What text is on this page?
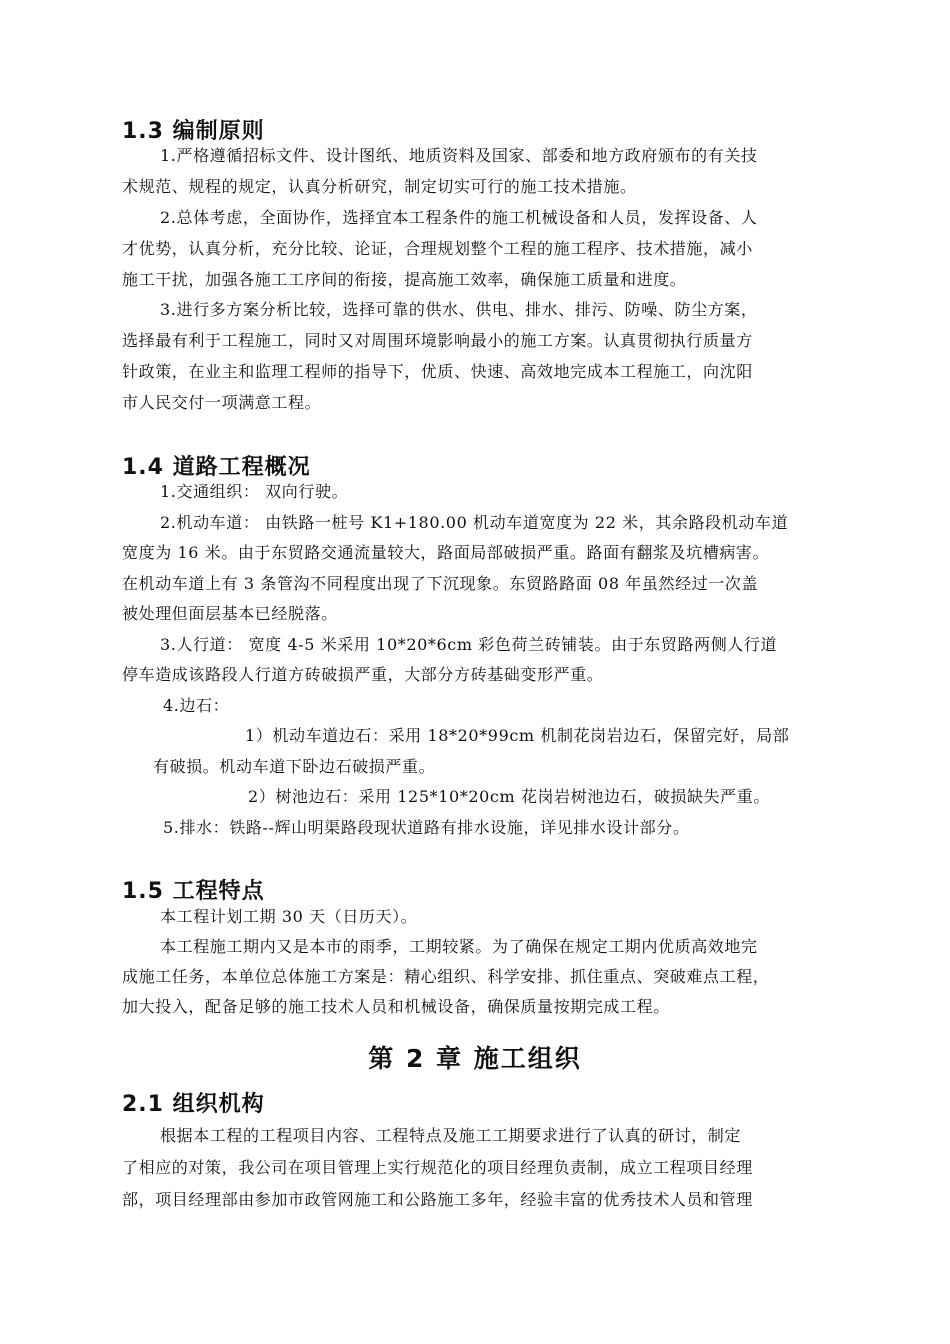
1.3 编制原则
1.严格遵循招标文件、设计图纸、地质资料及国家、部委和地方政府颁布的有关技
术规范、规程的规定，认真分析研究，制定切实可行的施工技术措施。
2.总体考虑，全面协作，选择宜本工程条件的施工机械设备和人员，发挥设备、人
才优势，认真分析，充分比较、论证，合理规划整个工程的施工程序、技术措施，减小
施工干扰，加强各施工工序间的衔接，提高施工效率，确保施工质量和进度。
3.进行多方案分析比较，选择可靠的供水、供电、排水、排污、防噪、防尘方案，
选择最有利于工程施工，同时又对周围环境影响最小的施工方案。认真贯彻执行质量方
针政策，在业主和监理工程师的指导下，优质、快速、高效地完成本工程施工，向沈阳
市人民交付一项满意工程。
1.4 道路工程概况
1.交通组织： 双向行驶。
2.机动车道： 由铁路一桩号 K1+180.00 机动车道宽度为 22 米，其余路段机动车道
宽度为 16 米。由于东贸路交通流量较大，路面局部破损严重。路面有翻浆及坑槽病害。
在机动车道上有 3 条管沟不同程度出现了下沉现象。东贸路路面 08 年虽然经过一次盖
被处理但面层基本已经脱落。
3.人行道： 宽度 4-5 米采用 10*20*6cm 彩色荷兰砖铺装。由于东贸路两侧人行道
停车造成该路段人行道方砖破损严重，大部分方砖基础变形严重。
4.边石：
1）机动车道边石：采用 18*20*99cm 机制花岗岩边石，保留完好，局部
有破损。机动车道下卧边石破损严重。
2）树池边石：采用 125*10*20cm 花岗岩树池边石，破损缺失严重。
5.排水：铁路--辉山明渠路段现状道路有排水设施，详见排水设计部分。
1.5 工程特点
本工程计划工期 30 天（日历天）。
本工程施工期内又是本市的雨季，工期较紧。为了确保在规定工期内优质高效地完
成施工任务，本单位总体施工方案是：精心组织、科学安排、抓住重点、突破难点工程，
加大投入，配备足够的施工技术人员和机械设备，确保质量按期完成工程。
第 2 章 施工组织
2.1 组织机构
根据本工程的工程项目内容、工程特点及施工工期要求进行了认真的研讨，制定
了相应的对策，我公司在项目管理上实行规范化的项目经理负责制，成立工程项目经理
部，项目经理部由参加市政管网施工和公路施工多年，经验丰富的优秀技术人员和管理
